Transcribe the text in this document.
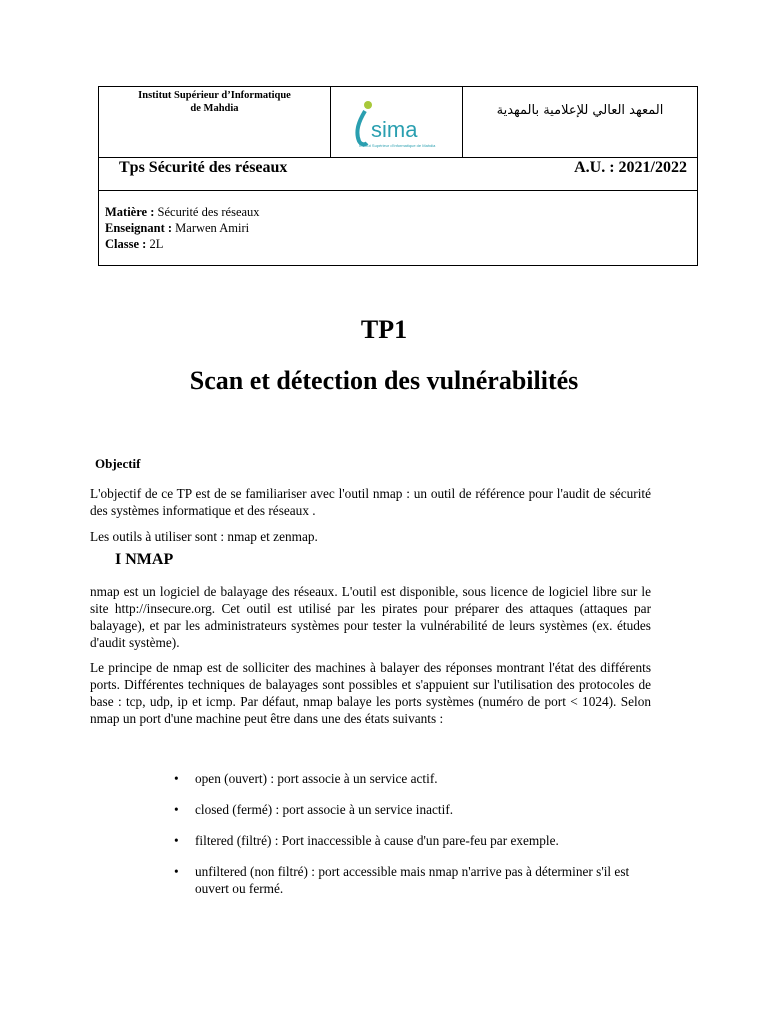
Institut Supérieur d’Informatique
de Mahdia
sima
Institut Supérieur d'Informatique de Mahdia
المعهد العالي للإعلامية بالمهدية
Tps Sécurité des réseaux	A.U. : 2021/2022
Matière : Sécurité des réseaux
Enseignant : Marwen Amiri
Classe : 2L
TP1
Scan et détection des vulnérabilités
Objectif
L'objectif de ce TP est de se familiariser avec l'outil nmap : un outil de référence pour l'audit de sécurité des systèmes informatique et des réseaux .
Les outils à utiliser sont : nmap et zenmap.
I NMAP
nmap est un logiciel de balayage des réseaux. L'outil est disponible, sous licence de logiciel libre sur le site http://insecure.org. Cet outil est utilisé par les pirates pour préparer des attaques (attaques par balayage), et par les administrateurs systèmes pour tester la vulnérabilité de leurs systèmes (ex. études d'audit système).
Le principe de nmap est de solliciter des machines à balayer des réponses montrant l'état des différents ports. Différentes techniques de balayages sont possibles et s'appuient sur l'utilisation des protocoles de base : tcp, udp, ip et icmp. Par défaut, nmap balaye les ports systèmes (numéro de port < 1024). Selon nmap un port d'une machine peut être dans une des états suivants :
• open (ouvert) : port associe à un service actif.
• closed (fermé) : port associe à un service inactif.
• filtered (filtré) : Port inaccessible à cause d'un pare-feu par exemple.
• unfiltered (non filtré) : port accessible mais nmap n'arrive pas à déterminer s'il est ouvert ou fermé.
